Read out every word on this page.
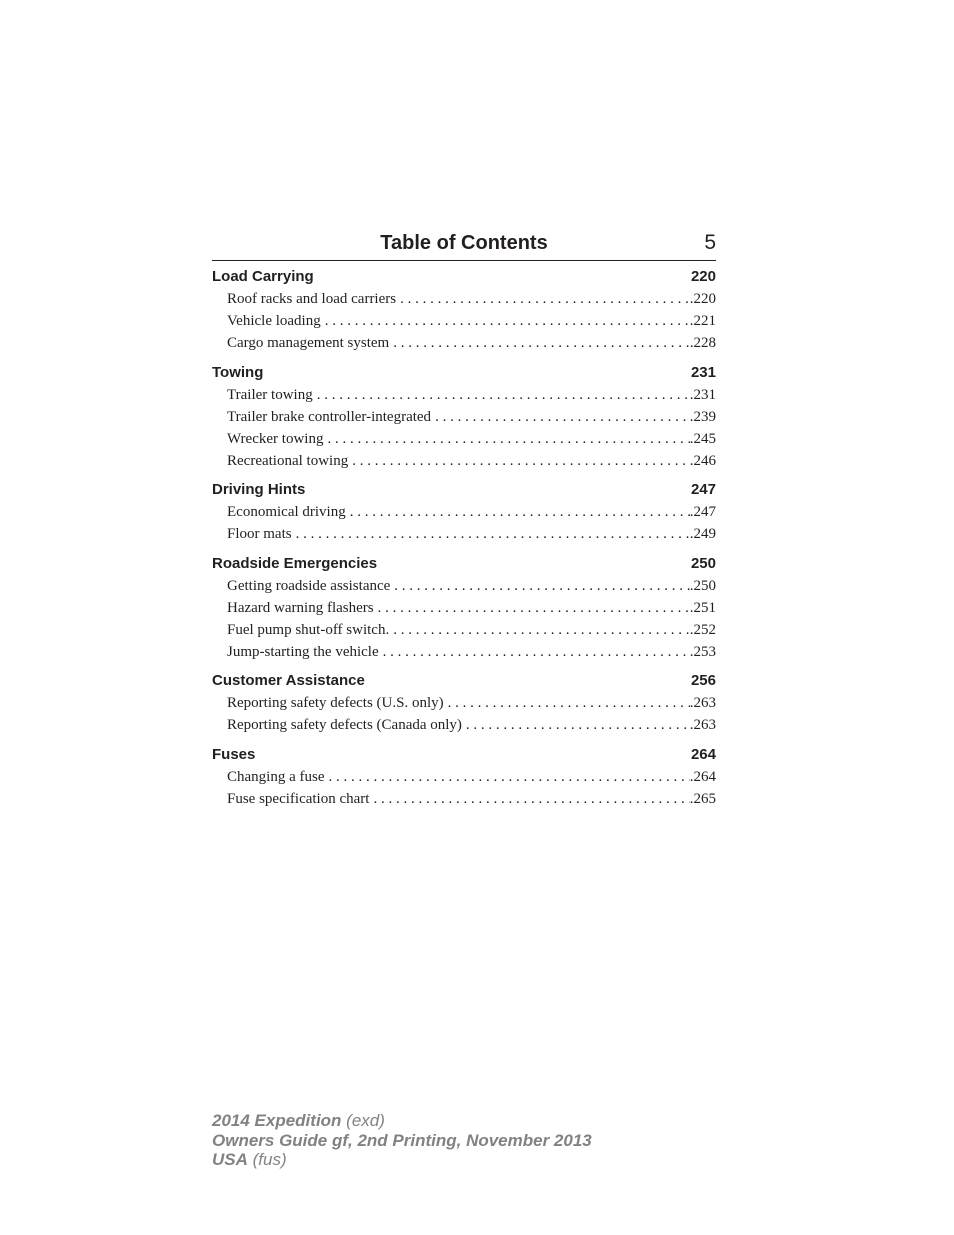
Table of Contents	5
Load Carrying	220
Roof racks and load carriers . . .	.220
Vehicle loading . . .	.221
Cargo management system . . .	.228
Towing	231
Trailer towing . . .	.231
Trailer brake controller-integrated . . .	.239
Wrecker towing . . .	.245
Recreational towing . . .	.246
Driving Hints	247
Economical driving . . .	.247
Floor mats . . .	.249
Roadside Emergencies	250
Getting roadside assistance . . .	.250
Hazard warning flashers . . .	.251
Fuel pump shut-off switch. . . .	.252
Jump-starting the vehicle . . .	.253
Customer Assistance	256
Reporting safety defects (U.S. only) . . .	.263
Reporting safety defects (Canada only) . . .	.263
Fuses	264
Changing a fuse . . .	.264
Fuse specification chart . . .	.265
2014 Expedition (exd)
Owners Guide gf, 2nd Printing, November 2013
USA (fus)
